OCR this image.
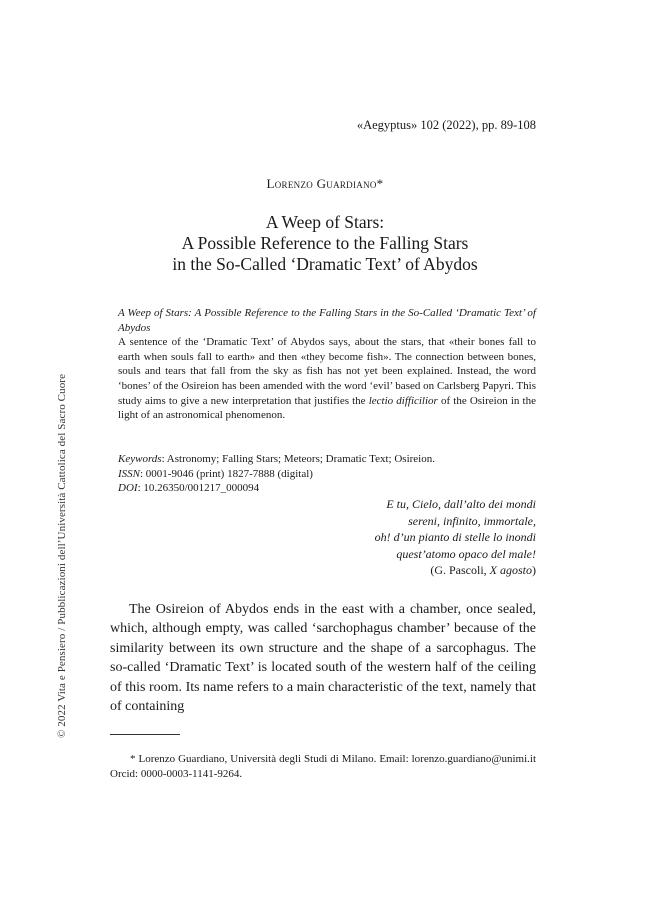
© 2022 Vita e Pensiero / Pubblicazioni dell’Università Cattolica del Sacro Cuore
«Aegyptus» 102 (2022), pp. 89-108
Lorenzo Guardiano*
A Weep of Stars:
A Possible Reference to the Falling Stars
in the So-Called ‘Dramatic Text’ of Abydos

A Weep of Stars: A Possible Reference to the Falling Stars in the So-Called ‘Dramatic Text’ of Abydos

A sentence of the ‘Dramatic Text’ of Abydos says, about the stars, that «their bones fall to earth when souls fall to earth» and then «they become fish». The connection between bones, souls and tears that fall from the sky as fish has not yet been explained. Instead, the word ‘bones’ of the Osireion has been amended with the word ‘evil’ based on Carlsberg Papyri. This study aims to give a new interpretation that justifies the lectio difficilior of the Osireion in the light of an astronomical phenomenon.

Keywords: Astronomy; Falling Stars; Meteors; Dramatic Text; Osireion.
ISSN: 0001-9046 (print) 1827-7888 (digital)
DOI: 10.26350/001217_000094
E tu, Cielo, dall’alto dei mondi
sereni, infinito, immortale,
oh! d’un pianto di stelle lo inondi
quest’atomo opaco del male!
(G. Pascoli, X agosto)

The Osireion of Abydos ends in the east with a chamber, once sealed, which, although empty, was called ‘sarchophagus chamber’ because of the similarity between its own structure and the shape of a sarcophagus. The so-called ‘Dramatic Text’ is located south of the western half of the ceiling of this room. Its name refers to a main characteristic of the text, namely that of containing

* Lorenzo Guardiano, Università degli Studi di Milano. Email: lorenzo.guardiano@unimi.it Orcid: 0000-0003-1141-9264.
